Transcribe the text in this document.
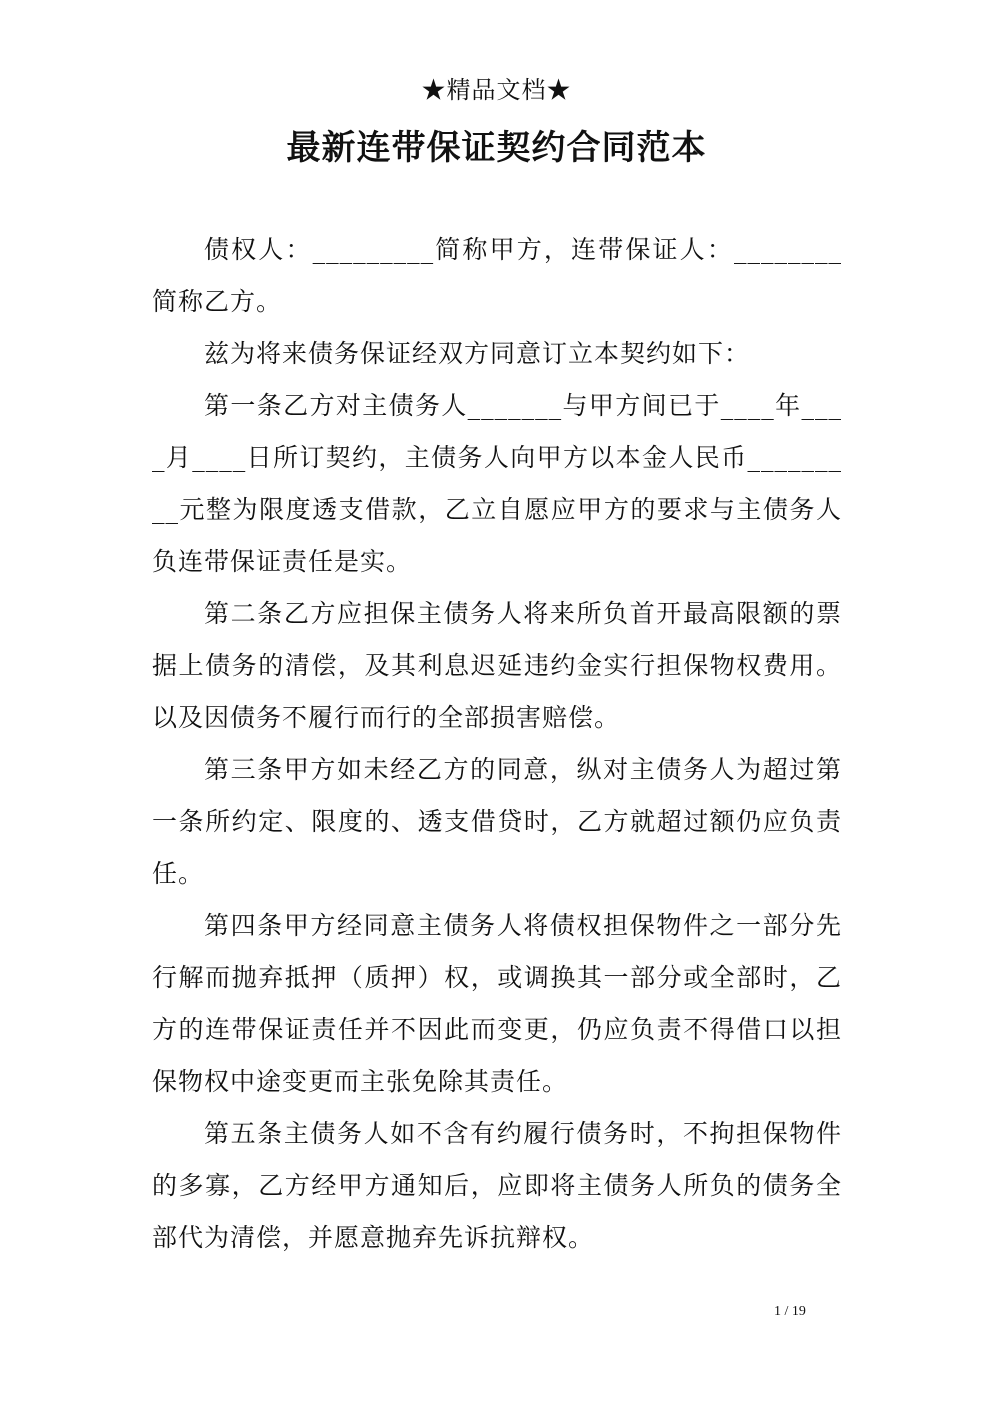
★精品文档★
最新连带保证契约合同范本

债权人：_________简称甲方，连带保证人：________简称乙方。

兹为将来债务保证经双方同意订立本契约如下：

第一条乙方对主债务人_______与甲方间已于____年____月____日所订契约，主债务人向甲方以本金人民币_________元整为限度透支借款，乙立自愿应甲方的要求与主债务人负连带保证责任是实。

第二条乙方应担保主债务人将来所负首开最高限额的票据上债务的清偿，及其利息迟延违约金实行担保物权费用。以及因债务不履行而行的全部损害赔偿。

第三条甲方如未经乙方的同意，纵对主债务人为超过第一条所约定、限度的、透支借贷时，乙方就超过额仍应负责任。

第四条甲方经同意主债务人将债权担保物件之一部分先行解而抛弃抵押（质押）权，或调换其一部分或全部时，乙方的连带保证责任并不因此而变更，仍应负责不得借口以担保物权中途变更而主张免除其责任。

第五条主债务人如不含有约履行债务时，不拘担保物件的多寡，乙方经甲方通知后，应即将主债务人所负的债务全部代为清偿，并愿意抛弃先诉抗辩权。

1 / 19
